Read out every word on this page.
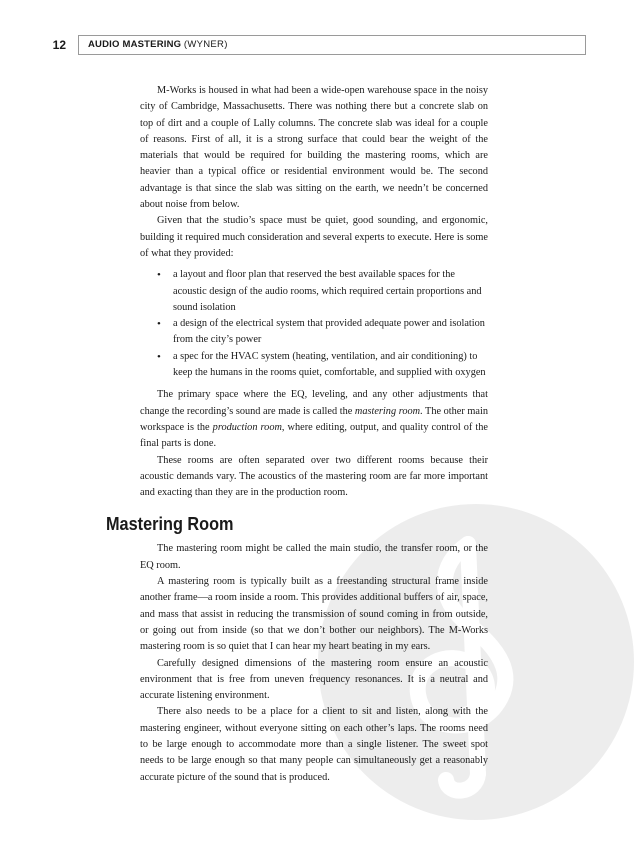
12	AUDIO MASTERING (WYNER)

M-Works is housed in what had been a wide-open warehouse space in the noisy city of Cambridge, Massachusetts. There was nothing there but a concrete slab on top of dirt and a couple of Lally columns. The concrete slab was ideal for a couple of reasons. First of all, it is a strong surface that could bear the weight of the materials that would be required for building the mastering rooms, which are heavier than a typical office or residential environment would be. The second advantage is that since the slab was sitting on the earth, we needn’t be concerned about noise from below.

Given that the studio’s space must be quiet, good sounding, and ergonomic, building it required much consideration and several experts to execute. Here is some of what they provided:

• a layout and floor plan that reserved the best available spaces for the acoustic design of the audio rooms, which required certain proportions and sound isolation
• a design of the electrical system that provided adequate power and isolation from the city’s power
• a spec for the HVAC system (heating, ventilation, and air conditioning) to keep the humans in the rooms quiet, comfortable, and supplied with oxygen

The primary space where the EQ, leveling, and any other adjustments that change the recording’s sound are made is called the mastering room. The other main workspace is the production room, where editing, output, and quality control of the final parts is done.

These rooms are often separated over two different rooms because their acoustic demands vary. The acoustics of the mastering room are far more important and exacting than they are in the production room.

Mastering Room

The mastering room might be called the main studio, the transfer room, or the EQ room.

A mastering room is typically built as a freestanding structural frame inside another frame—a room inside a room. This provides additional buffers of air, space, and mass that assist in reducing the transmission of sound coming in from outside, or going out from inside (so that we don’t bother our neighbors). The M-Works mastering room is so quiet that I can hear my heart beating in my ears.

Carefully designed dimensions of the mastering room ensure an acoustic environment that is free from uneven frequency resonances. It is a neutral and accurate listening environment.

There also needs to be a place for a client to sit and listen, along with the mastering engineer, without everyone sitting on each other’s laps. The rooms need to be large enough to accommodate more than a single listener. The sweet spot needs to be large enough so that many people can simultaneously get a reasonably accurate picture of the sound that is produced.
